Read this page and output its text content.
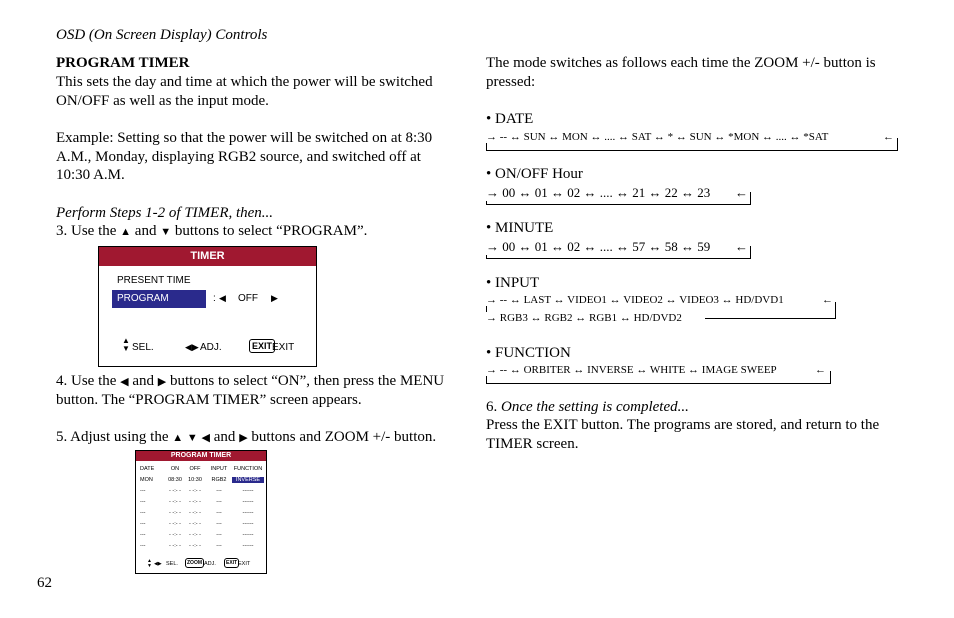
OSD (On Screen Display) Controls
PROGRAM TIMER
This sets the day and time at which the power will be switched
ON/OFF as well as the input mode.
Example: Setting so that the power will be switched on at 8:30
A.M., Monday, displaying RGB2 source, and switched off at
10:30 A.M.
Perform Steps 1-2 of TIMER, then...
3. Use the ▲ and ▼ buttons to select “PROGRAM”.
TIMER
PRESENT TIME
PROGRAM	: ◀ OFF ▶
▲
▼ SEL.	◀▶ ADJ.	EXIT EXIT
4. Use the ◀ and ▶ buttons to select “ON”, then press the MENU
button. The “PROGRAM TIMER” screen appears.
5. Adjust using the ▲ ▼ ◀ and ▶ buttons and ZOOM +/- button.
PROGRAM TIMER
DATE	ON	OFF	INPUT	FUNCTION
MON	08:30	10:30	RGB2	INVERSE
---	- -:- -	- -:- -	---	------
---	- -:- -	- -:- -	---	------
---	- -:- -	- -:- -	---	------
---	- -:- -	- -:- -	---	------
---	- -:- -	- -:- -	---	------
---	- -:- -	- -:- -	---	------
▲
▼ ◀▶ SEL.	ZOOM ADJ.	EXIT EXIT
62
The mode switches as follows each time the ZOOM +/- button is
pressed:
• DATE
→ -- ↔ SUN ↔ MON ↔ .... ↔ SAT ↔ * ↔ SUN ↔ *MON ↔ .... ↔ *SAT	←
• ON/OFF Hour
→ 00 ↔ 01 ↔ 02 ↔ .... ↔ 21 ↔ 22 ↔ 23 ←
• MINUTE
→ 00 ↔ 01 ↔ 02 ↔ .... ↔ 57 ↔ 58 ↔ 59 ←
• INPUT
→ -- ↔ LAST ↔ VIDEO1 ↔ VIDEO2 ↔ VIDEO3 ↔ HD/DVD1	←
→ RGB3 ↔ RGB2 ↔ RGB1 ↔ HD/DVD2
• FUNCTION
→ -- ↔ ORBITER ↔ INVERSE ↔ WHITE ↔ IMAGE SWEEP	←
6. Once the setting is completed...
Press the EXIT button. The programs are stored, and return to the
TIMER screen.
